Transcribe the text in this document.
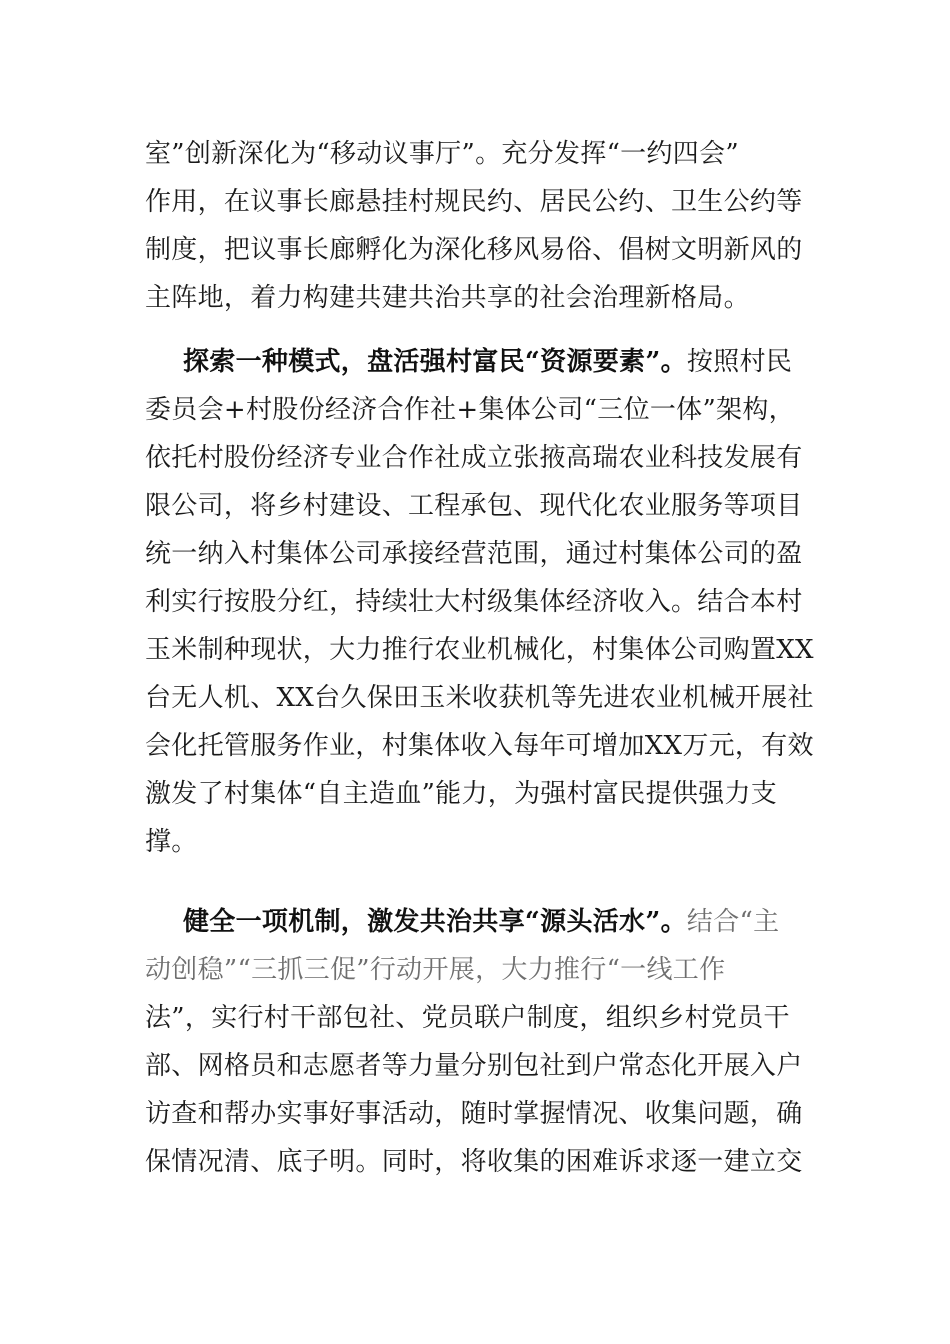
室”创新深化为“移动议事厅”。充分发挥“一约四会”
作用，在议事长廊悬挂村规民约、居民公约、卫生公约等
制度，把议事长廊孵化为深化移风易俗、倡树文明新风的
主阵地，着力构建共建共治共享的社会治理新格局。
探索一种模式，盘活强村富民“资源要素”。按照村民
委员会+村股份经济合作社+集体公司“三位一体”架构，
依托村股份经济专业合作社成立张掖高瑞农业科技发展有
限公司，将乡村建设、工程承包、现代化农业服务等项目
统一纳入村集体公司承接经营范围，通过村集体公司的盈
利实行按股分红，持续壮大村级集体经济收入。结合本村
玉米制种现状，大力推行农业机械化，村集体公司购置XX
台无人机、XX台久保田玉米收获机等先进农业机械开展社
会化托管服务作业，村集体收入每年可增加XX万元，有效
激发了村集体“自主造血”能力，为强村富民提供强力支
撑。
健全一项机制，激发共治共享“源头活水”。结合“主
动创稳”“三抓三促”行动开展，大力推行“一线工作
法”，实行村干部包社、党员联户制度，组织乡村党员干
部、网格员和志愿者等力量分别包社到户常态化开展入户
访查和帮办实事好事活动，随时掌握情况、收集问题，确
保情况清、底子明。同时，将收集的困难诉求逐一建立交
